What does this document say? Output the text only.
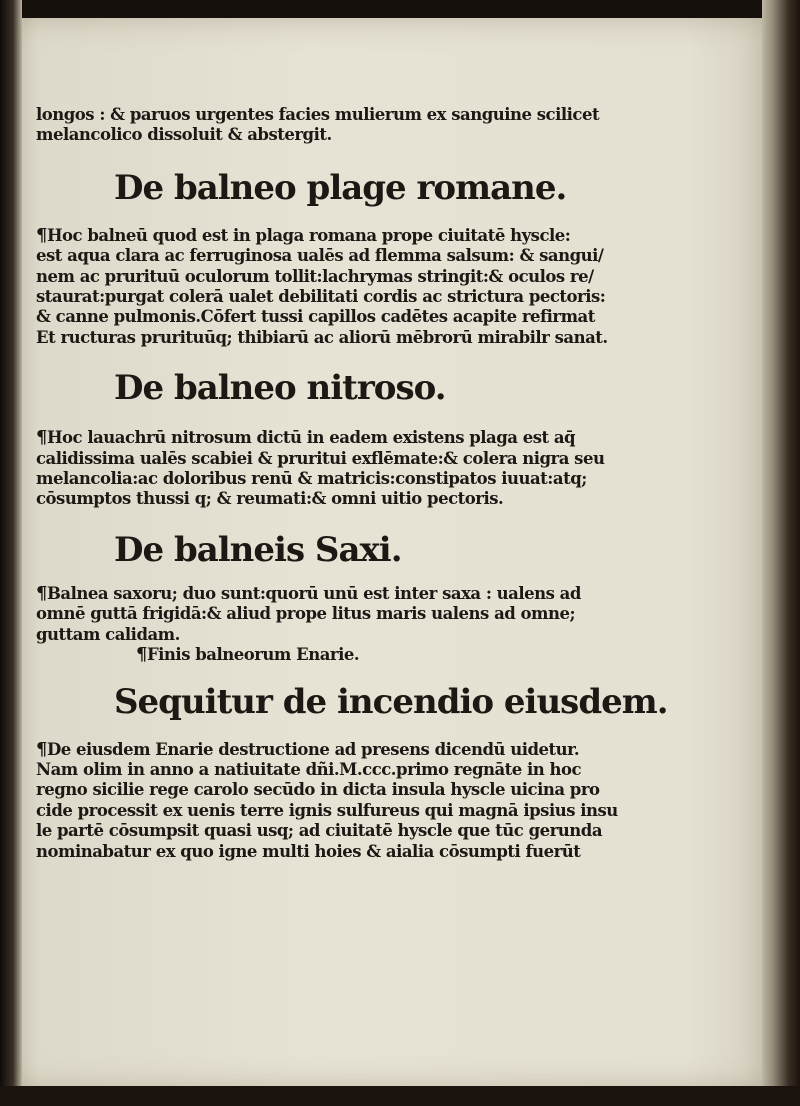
longos : & paruos urgentes facies mulierum ex sanguine scilicet
melancolico dissoluit & abstergit.
De balneo plage romane.
¶Hoc balneū quod est in plaga romana prope ciuitatē hyscle:
est aqua clara ac ferruginosa ualēs ad flemma salsum: & sangui/
nem ac prurituū oculorum tollit:lachrymas stringit:& oculos re/
staurat:purgat colerā ualet debilitati cordis ac strictura pectoris:
& canne pulmonis.Cōfert tussi capillos cadētes acapite refirmat
Et ructuras prurituūq; thibiarū ac aliorū mēbrorū mirabilr sanat.
De balneo nitroso.
¶Hoc lauachrū nitrosum dictū in eadem existens plaga est aq̄
calidissima ualēs scabiei & pruritui exflēmate:& colera nigra seu
melancolia:ac doloribus renū & matricis:constipatos iuuat:atq;
cōsumptos thussi q; & reumati:& omni uitio pectoris.
De balneis Saxi.
¶Balnea saxoru; duo sunt:quorū unū est inter saxa : ualens ad
omnē guttā frigidā:& aliud prope litus maris ualens ad omne;
guttam calidam.
¶Finis balneorum Enarie.
Sequitur de incendio eiusdem.
¶De eiusdem Enarie destructione ad presens dicendū uidetur.
Nam olim in anno a natiuitate dñi.M.ccc.primo regnāte in hoc
regno sicilie rege carolo secūdo in dicta insula hyscle uicina pro
cide processit ex uenis terre ignis sulfureus qui magnā ipsius insu
le partē cōsumpsit quasi usq; ad ciuitatē hyscle que tūc gerunda
nominabatur ex quo igne multi hoies & aialia cōsumpti fuerūt
